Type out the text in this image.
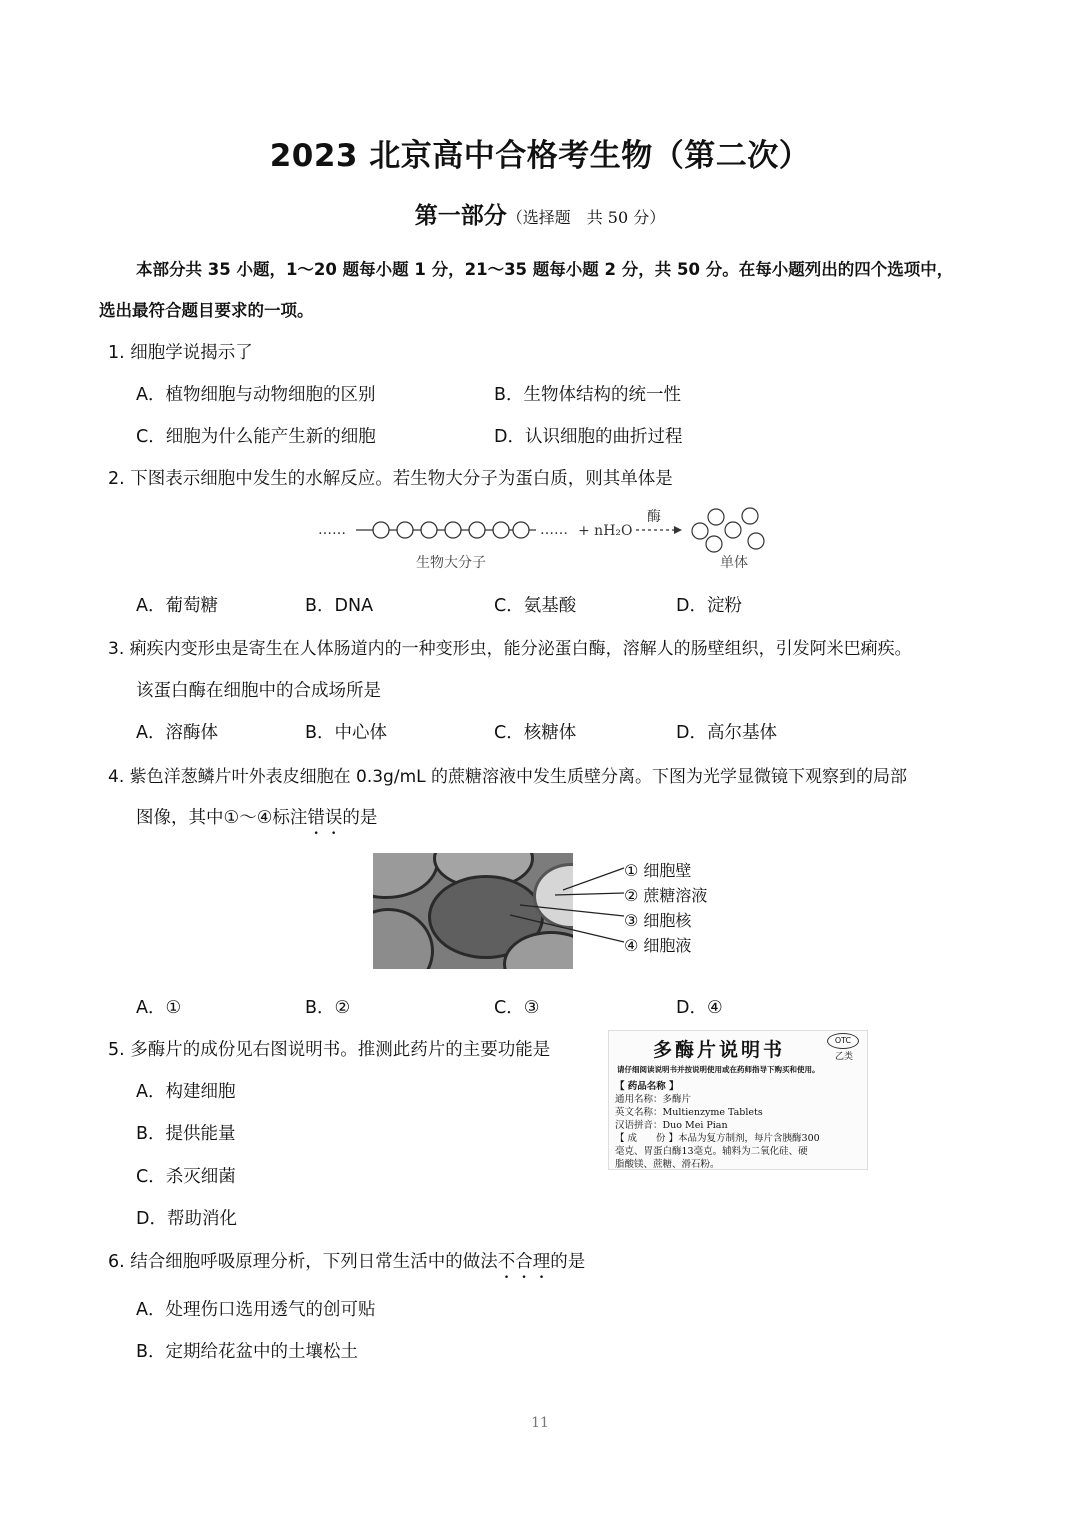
2023 北京高中合格考生物（第二次）
第一部分（选择题　共 50 分）
本部分共 35 小题，1～20 题每小题 1 分，21～35 题每小题 2 分，共 50 分。在每小题列出的四个选项中，
选出最符合题目要求的一项。
1. 细胞学说揭示了
A．植物细胞与动物细胞的区别	B．生物体结构的统一性
C．细胞为什么能产生新的细胞	D．认识细胞的曲折过程
2. 下图表示细胞中发生的水解反应。若生物大分子为蛋白质，则其单体是
……	…… + nH₂O
酶
生物大分子	单体
A．葡萄糖	B．DNA	C．氨基酸	D．淀粉
3. 痢疾内变形虫是寄生在人体肠道内的一种变形虫，能分泌蛋白酶，溶解人的肠壁组织，引发阿米巴痢疾。
该蛋白酶在细胞中的合成场所是
A．溶酶体	B．中心体	C．核糖体	D．高尔基体
4. 紫色洋葱鳞片叶外表皮细胞在 0.3g/mL 的蔗糖溶液中发生质壁分离。下图为光学显微镜下观察到的局部
图像，其中①～④标注错误的是
① 细胞壁
② 蔗糖溶液
③ 细胞核
④ 细胞液
A．①	B．②	C．③	D．④
5. 多酶片的成份见右图说明书。推测此药片的主要功能是
A．构建细胞
B．提供能量
C．杀灭细菌
D．帮助消化
多酶片说明书	OTC
乙类
请仔细阅读说明书并按说明使用或在药师指导下购买和使用。
【 药品名称 】
通用名称：多酶片
英文名称：Multienzyme Tablets
汉语拼音：Duo Mei Pian
【 成　　份 】本品为复方制剂，每片含胰酶300
毫克、胃蛋白酶13毫克。辅料为二氧化硅、硬
脂酸镁、蔗糖、滑石粉。
6. 结合细胞呼吸原理分析，下列日常生活中的做法不合理的是
A．处理伤口选用透气的创可贴
B．定期给花盆中的土壤松土
11
